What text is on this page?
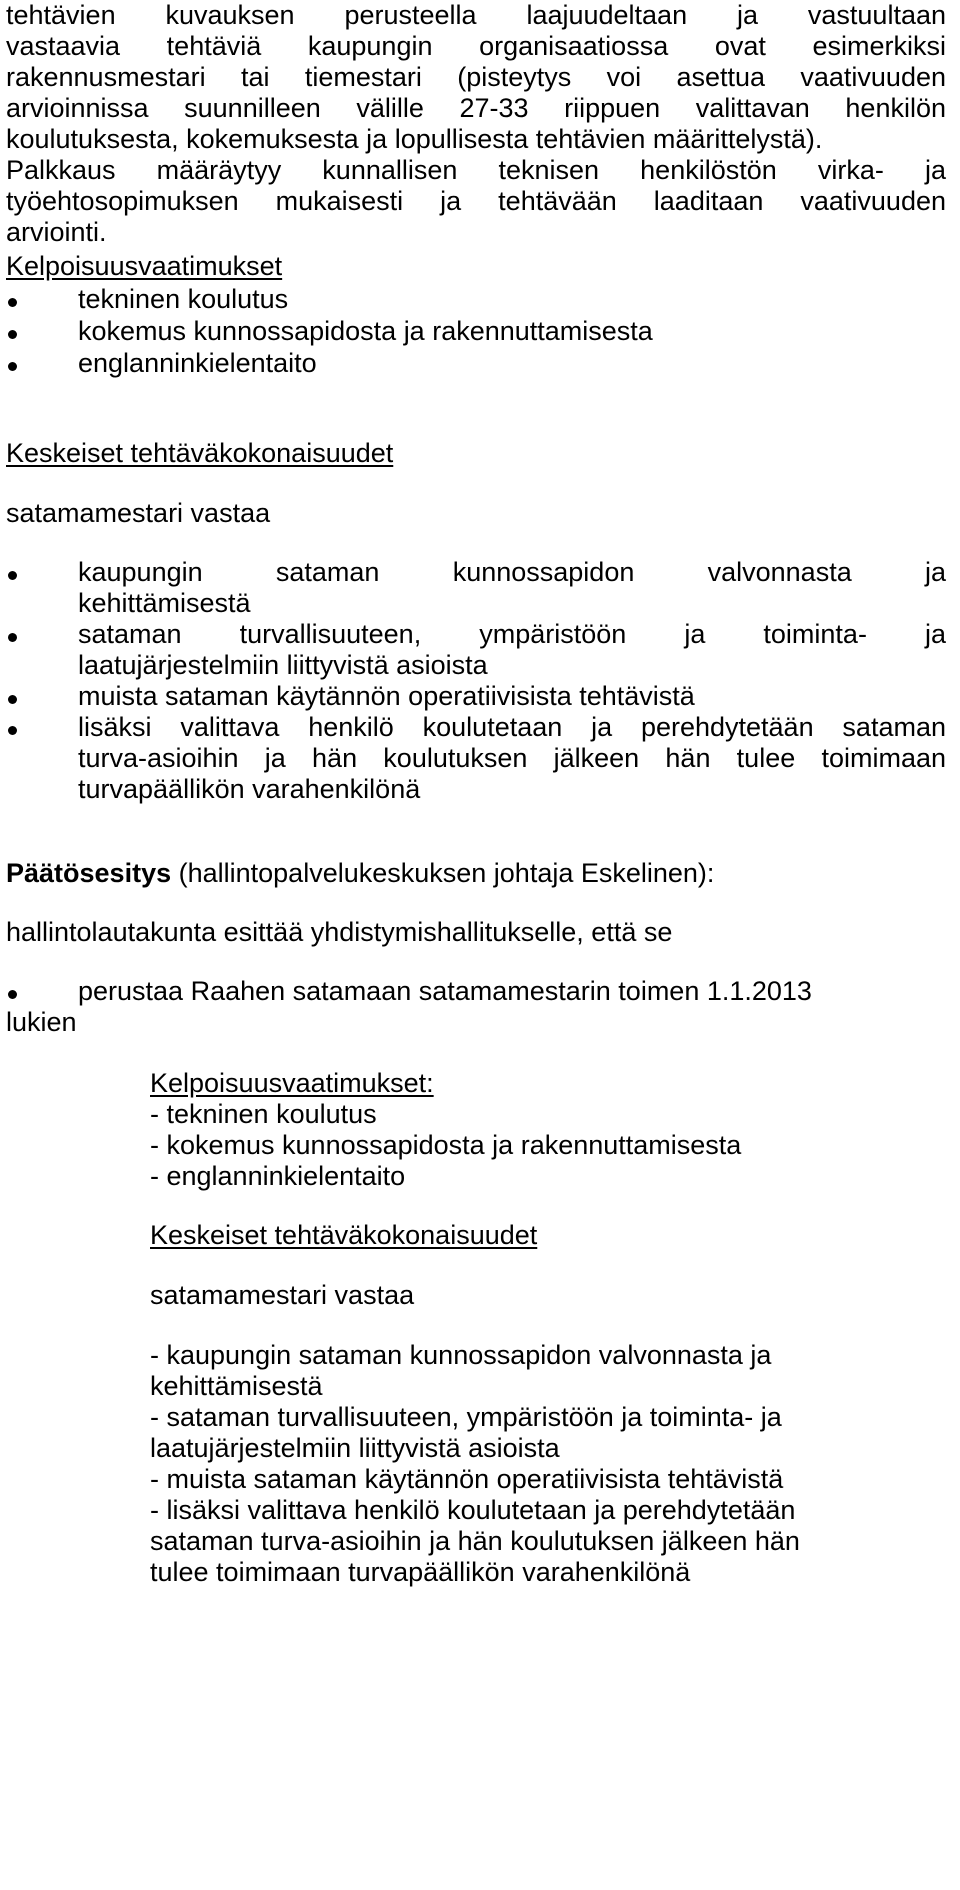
tehtävien kuvauksen perusteella laajuudeltaan ja vastuultaan
vastaavia tehtäviä kaupungin organisaatiossa ovat esimerkiksi
rakennusmestari tai tiemestari (pisteytys voi asettua vaativuuden
arvioinnissa suunnilleen välille 27-33 riippuen valittavan henkilön
koulutuksesta, kokemuksesta ja lopullisesta tehtävien määrittelystä).
Palkkaus määräytyy kunnallisen teknisen henkilöstön virka- ja
työehtosopimuksen mukaisesti ja tehtävään laaditaan vaativuuden
arviointi.
Kelpoisuusvaatimukset
tekninen koulutus
kokemus kunnossapidosta ja rakennuttamisesta
englanninkielentaito
Keskeiset tehtäväkokonaisuudet
satamamestari vastaa
kaupungin sataman kunnossapidon valvonnasta ja
kehittämisestä
sataman turvallisuuteen, ympäristöön ja toiminta- ja
laatujärjestelmiin liittyvistä asioista
muista sataman käytännön operatiivisista tehtävistä
lisäksi valittava henkilö koulutetaan ja perehdytetään sataman
turva-asioihin ja hän koulutuksen jälkeen hän tulee toimimaan
turvapäällikön varahenkilönä
Päätösesitys (hallintopalvelukeskuksen johtaja Eskelinen):
hallintolautakunta esittää yhdistymishallitukselle, että se
perustaa Raahen satamaan satamamestarin toimen 1.1.2013
lukien
Kelpoisuusvaatimukset:
- tekninen koulutus
- kokemus kunnossapidosta ja rakennuttamisesta
- englanninkielentaito
Keskeiset tehtäväkokonaisuudet
satamamestari vastaa
- kaupungin sataman kunnossapidon valvonnasta ja
kehittämisestä
- sataman turvallisuuteen, ympäristöön ja toiminta- ja
laatujärjestelmiin liittyvistä asioista
- muista sataman käytännön operatiivisista tehtävistä
- lisäksi valittava henkilö koulutetaan ja perehdytetään
sataman turva-asioihin ja hän koulutuksen jälkeen hän
tulee toimimaan turvapäällikön varahenkilönä
